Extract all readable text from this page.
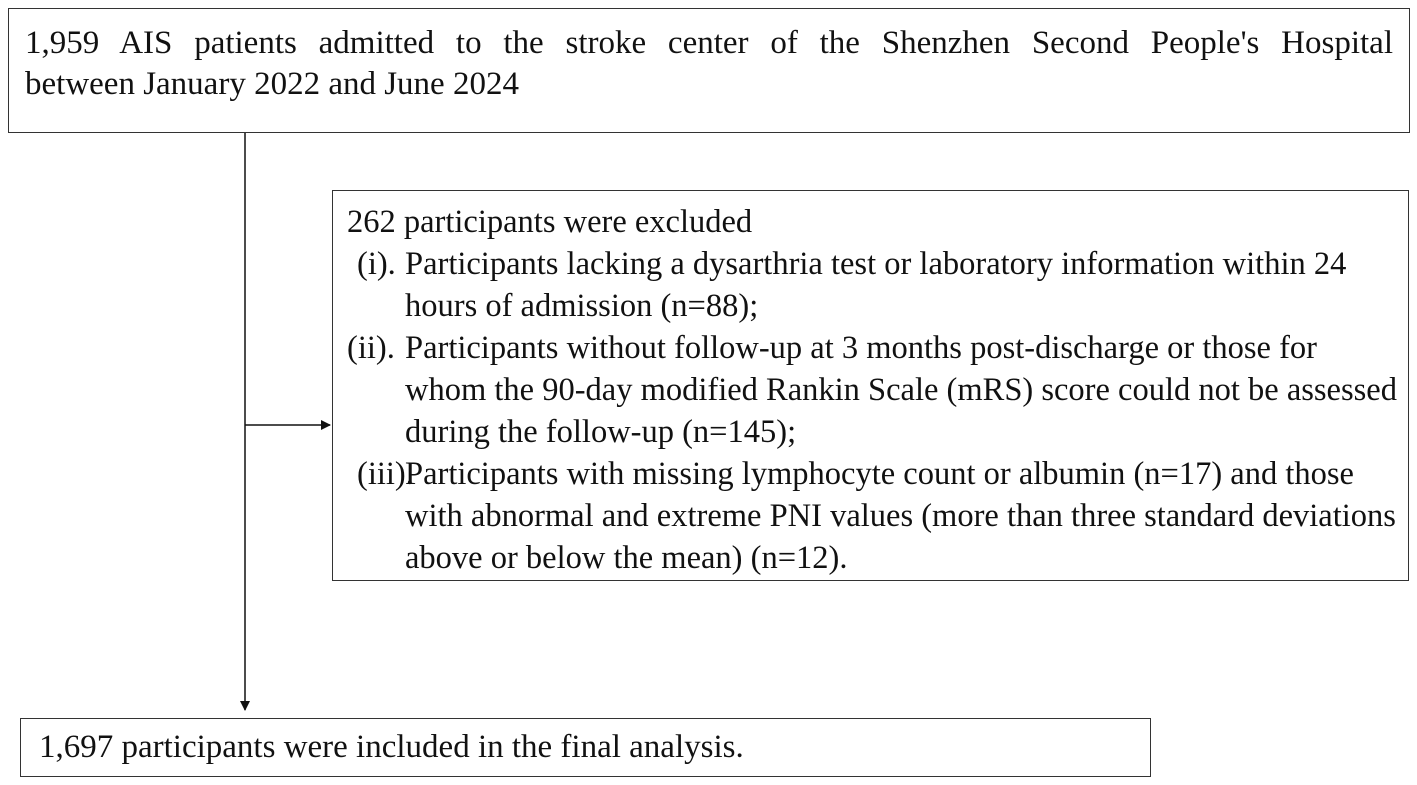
1,959 AIS patients admitted to the stroke center of the Shenzhen Second People's Hospital
between January 2022 and June 2024
262 participants were excluded
(i). Participants lacking a dysarthria test or laboratory information within 24 hours of admission (n=88);
(ii). Participants without follow-up at 3 months post-discharge or those for whom the 90-day modified Rankin Scale (mRS) score could not be assessed during the follow-up (n=145);
(iii).Participants with missing lymphocyte count or albumin (n=17) and those with abnormal and extreme PNI values (more than three standard deviations above or below the mean) (n=12).
1,697 participants were included in the final analysis.
